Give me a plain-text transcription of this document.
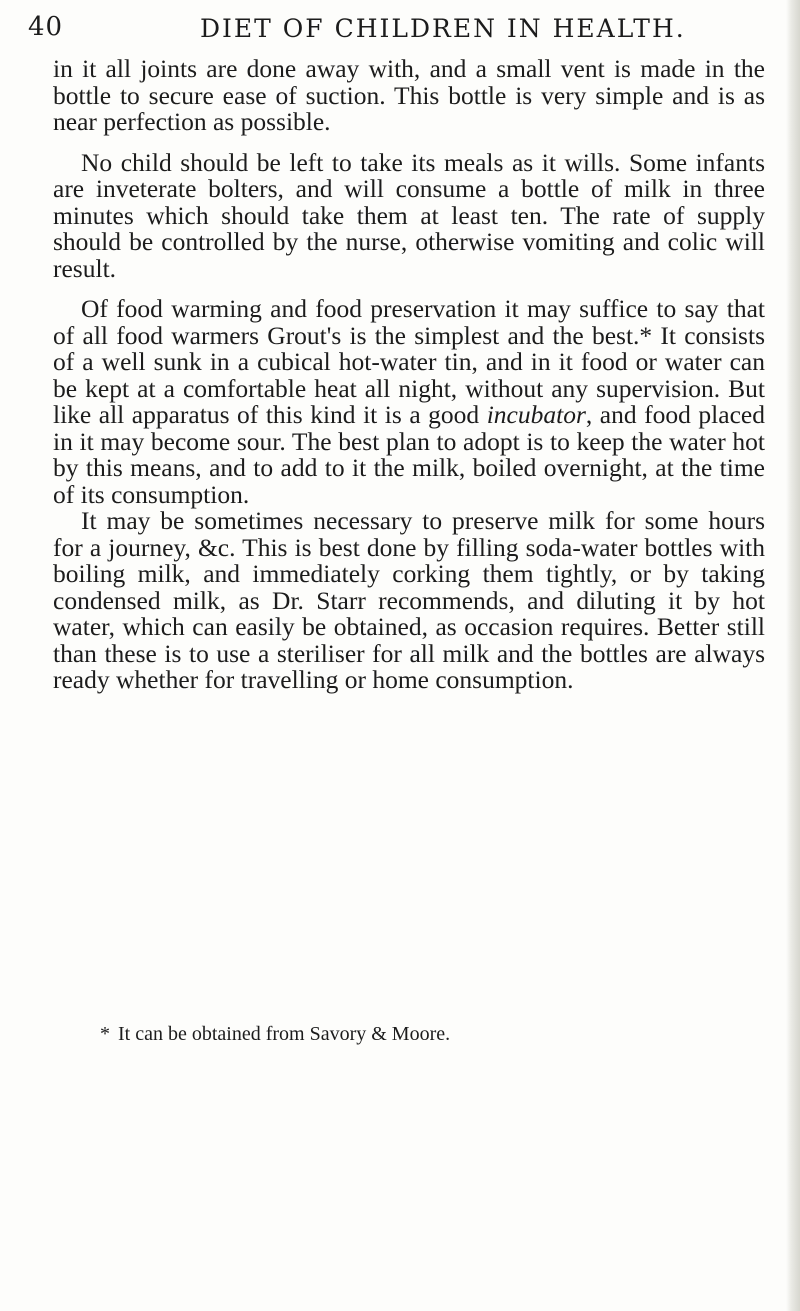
40	DIET OF CHILDREN IN HEALTH.

in it all joints are done away with, and a small vent is made in the bottle to secure ease of suction. This bottle is very simple and is as near perfection as possible.

No child should be left to take its meals as it wills. Some infants are inveterate bolters, and will consume a bottle of milk in three minutes which should take them at least ten. The rate of supply should be controlled by the nurse, otherwise vomiting and colic will result.

Of food warming and food preservation it may suffice to say that of all food warmers Grout's is the simplest and the best.* It consists of a well sunk in a cubical hot-water tin, and in it food or water can be kept at a comfortable heat all night, without any supervision. But like all apparatus of this kind it is a good incubator, and food placed in it may become sour. The best plan to adopt is to keep the water hot by this means, and to add to it the milk, boiled overnight, at the time of its consumption.

It may be sometimes necessary to preserve milk for some hours for a journey, &c. This is best done by filling soda-water bottles with boiling milk, and immediately corking them tightly, or by taking condensed milk, as Dr. Starr recommends, and diluting it by hot water, which can easily be obtained, as occasion requires. Better still than these is to use a steriliser for all milk and the bottles are always ready whether for travelling or home consumption.

* It can be obtained from Savory & Moore.
